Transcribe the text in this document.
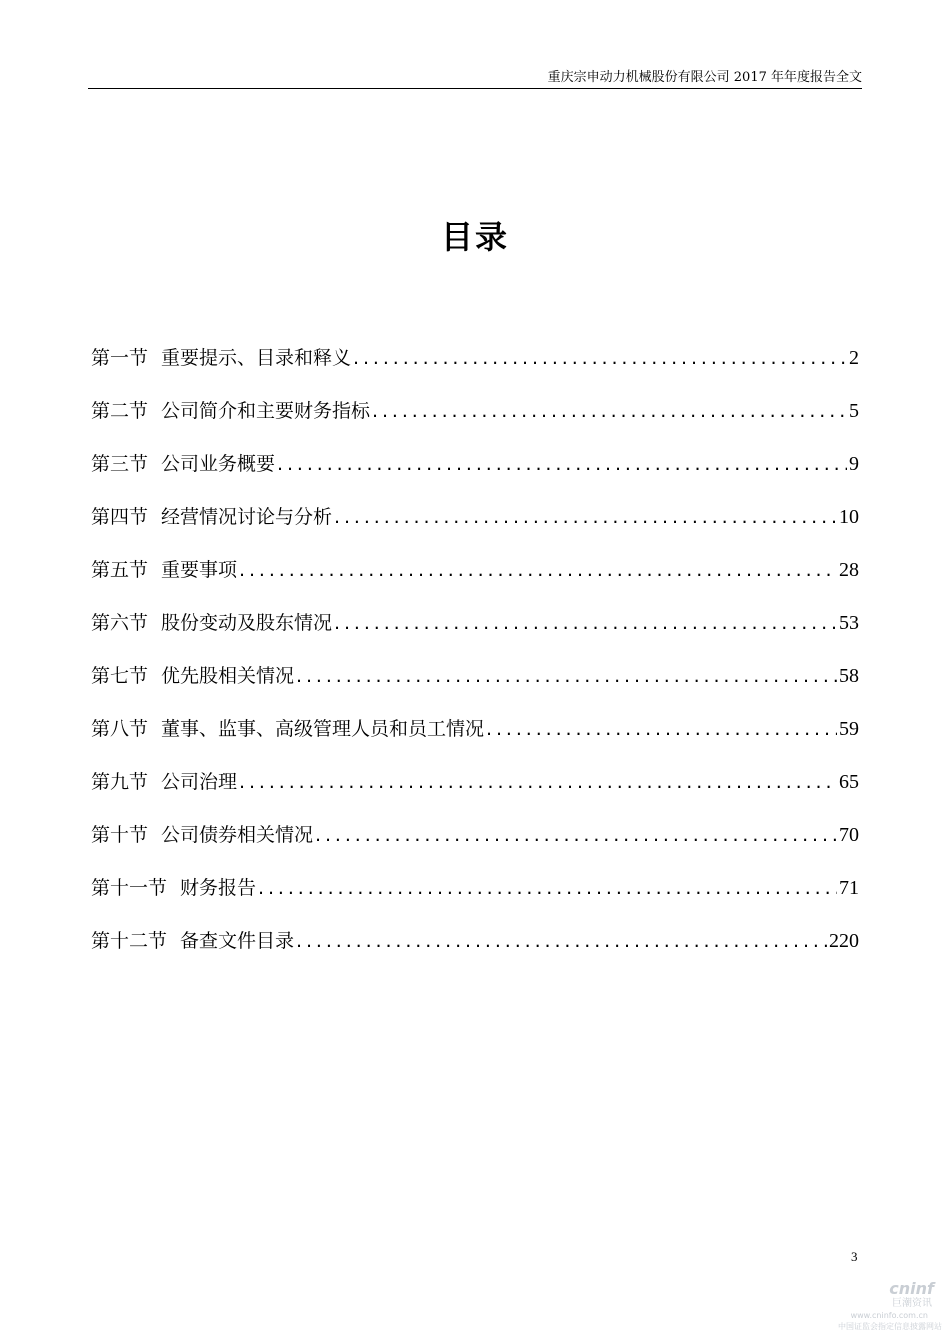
重庆宗申动力机械股份有限公司 2017 年年度报告全文
目录
第一节 重要提示、目录和释义 .....	2
第二节 公司简介和主要财务指标 .....	5
第三节 公司业务概要 .....	9
第四节 经营情况讨论与分析 .....	10
第五节 重要事项 .....	28
第六节 股份变动及股东情况 .....	53
第七节 优先股相关情况 .....	58
第八节 董事、监事、高级管理人员和员工情况 .....	59
第九节 公司治理 .....	65
第十节 公司债券相关情况 .....	70
第十一节 财务报告 .....	71
第十二节 备查文件目录 .....	220
3
cninf
巨潮资讯
www.cninfo.com.cn
中国证监会指定信息披露网站
